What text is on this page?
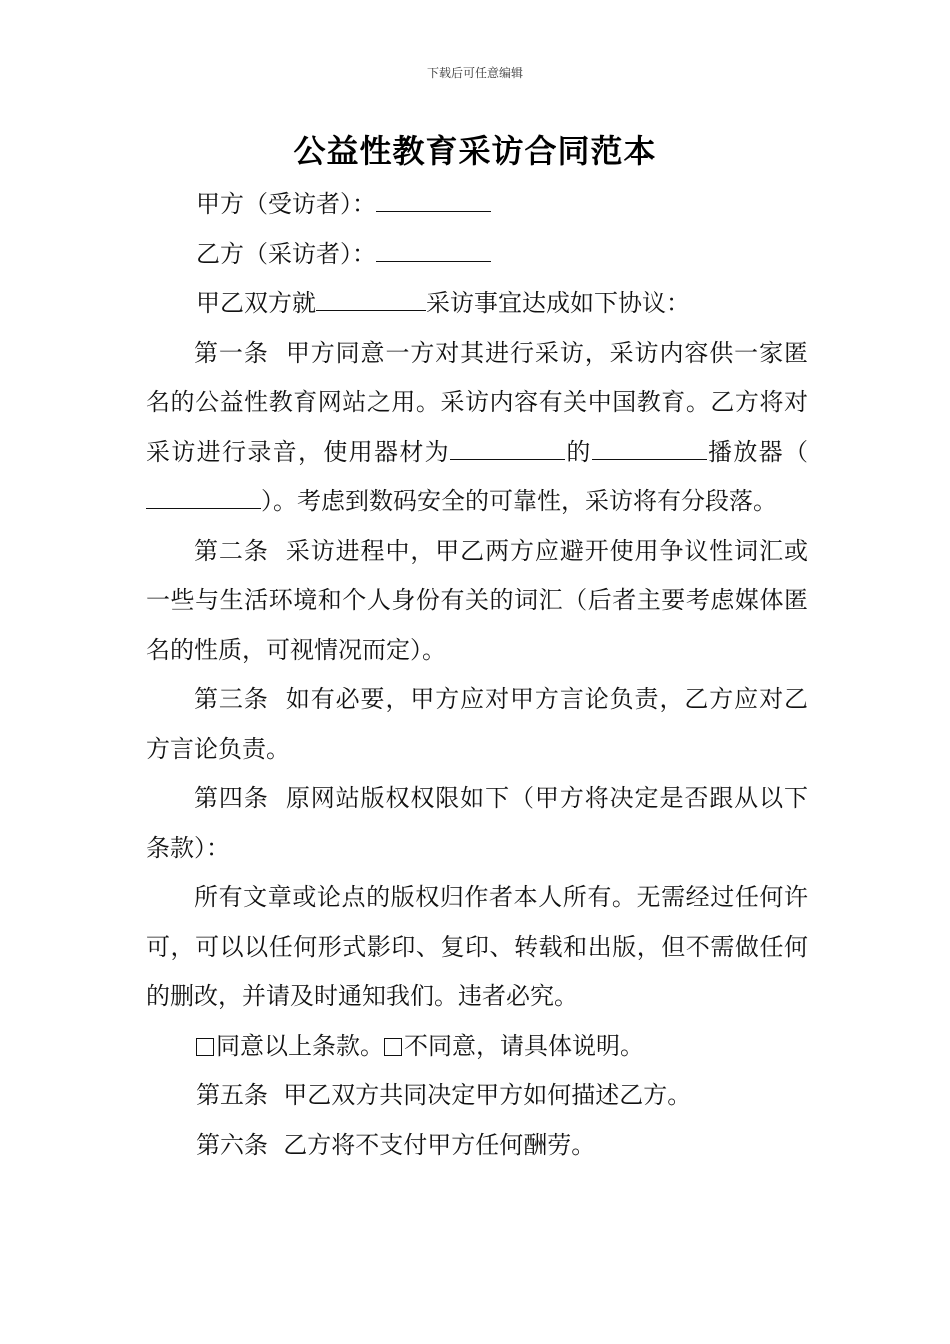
下载后可任意编辑
公益性教育采访合同范本

甲方（受访者）：

乙方（采访者）：

甲乙双方就	采访事宜达成如下协议：

第一条 甲方同意一方对其进行采访，采访内容供一家匿名的公益性教育网站之用。采访内容有关中国教育。乙方将对采访进行录音，使用器材为	的	播放器（）。考虑到数码安全的可靠性，采访将有分段落。

第二条 采访进程中，甲乙两方应避开使用争议性词汇或一些与生活环境和个人身份有关的词汇（后者主要考虑媒体匿名的性质，可视情况而定）。

第三条 如有必要，甲方应对甲方言论负责，乙方应对乙方言论负责。

第四条 原网站版权权限如下（甲方将决定是否跟从以下条款）：

所有文章或论点的版权归作者本人所有。无需经过任何许可，可以以任何形式影印、复印、转载和出版，但不需做任何的删改，并请及时通知我们。违者必究。

同意以上条款。 不同意，请具体说明。

第五条 甲乙双方共同决定甲方如何描述乙方。

第六条 乙方将不支付甲方任何酬劳。
